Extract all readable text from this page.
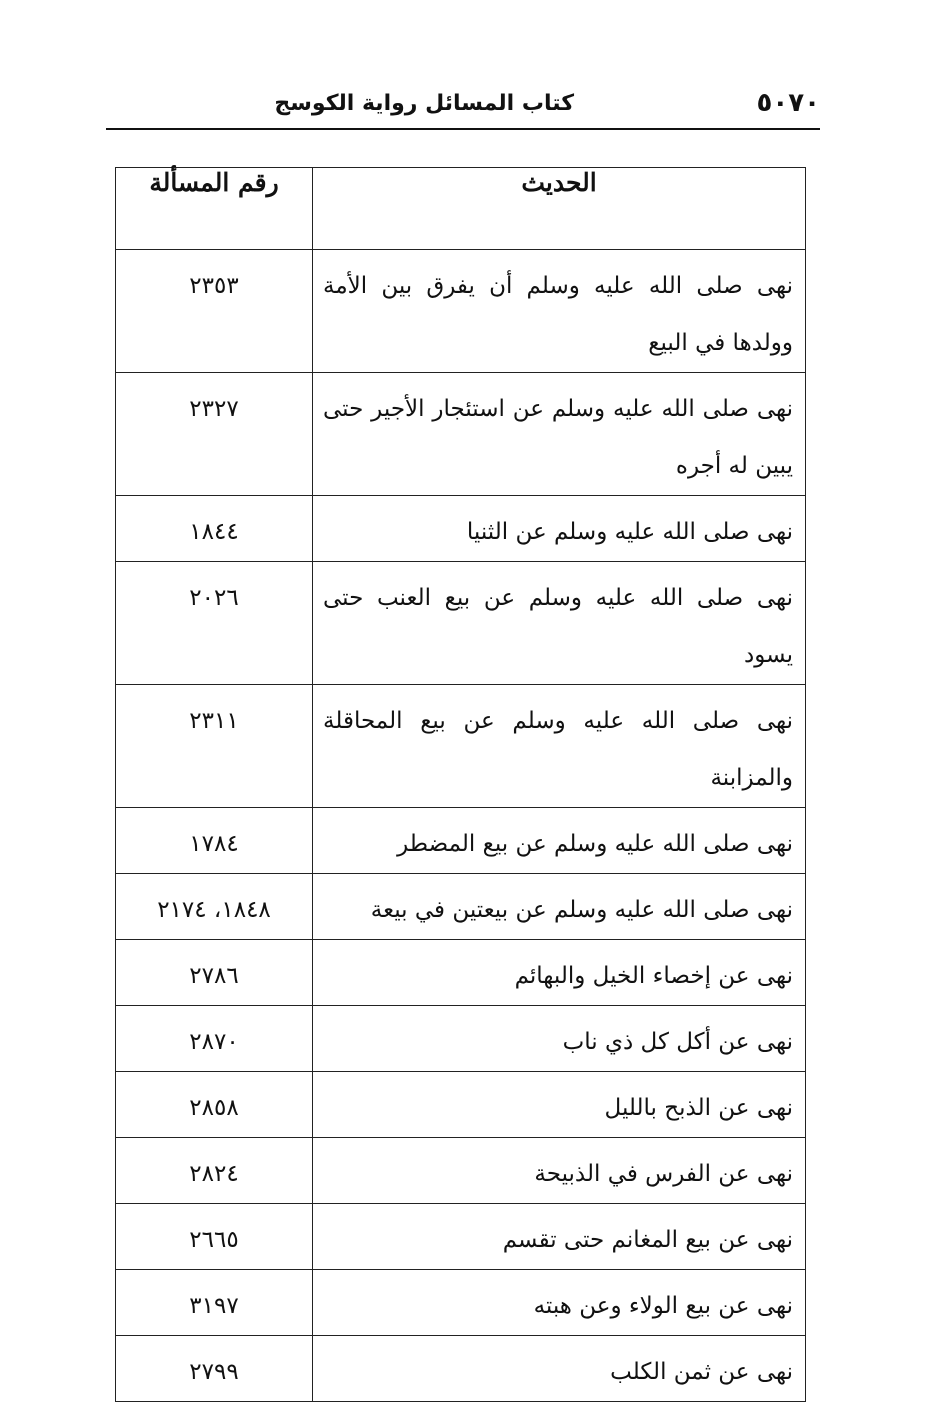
٥٠٧٠
كتاب المسائل رواية الكوسج
الحديث	رقم المسألة
نهى صلى الله عليه وسلم أن يفرق بين الأمة وولدها في البيع	٢٣٥٣
نهى صلى الله عليه وسلم عن استئجار الأجير حتى يبين له أجره	٢٣٢٧
نهى صلى الله عليه وسلم عن الثنيا	١٨٤٤
نهى صلى الله عليه وسلم عن بيع العنب حتى يسود	٢٠٢٦
نهى صلى الله عليه وسلم عن بيع المحاقلة والمزابنة	٢٣١١
نهى صلى الله عليه وسلم عن بيع المضطر	١٧٨٤
نهى صلى الله عليه وسلم عن بيعتين في بيعة	١٨٤٨، ٢١٧٤
نهى عن إخصاء الخيل والبهائم	٢٧٨٦
نهى عن أكل كل ذي ناب	٢٨٧٠
نهى عن الذبح بالليل	٢٨٥٨
نهى عن الفرس في الذبيحة	٢٨٢٤
نهى عن بيع المغانم حتى تقسم	٢٦٦٥
نهى عن بيع الولاء وعن هبته	٣١٩٧
نهى عن ثمن الكلب	٢٧٩٩
